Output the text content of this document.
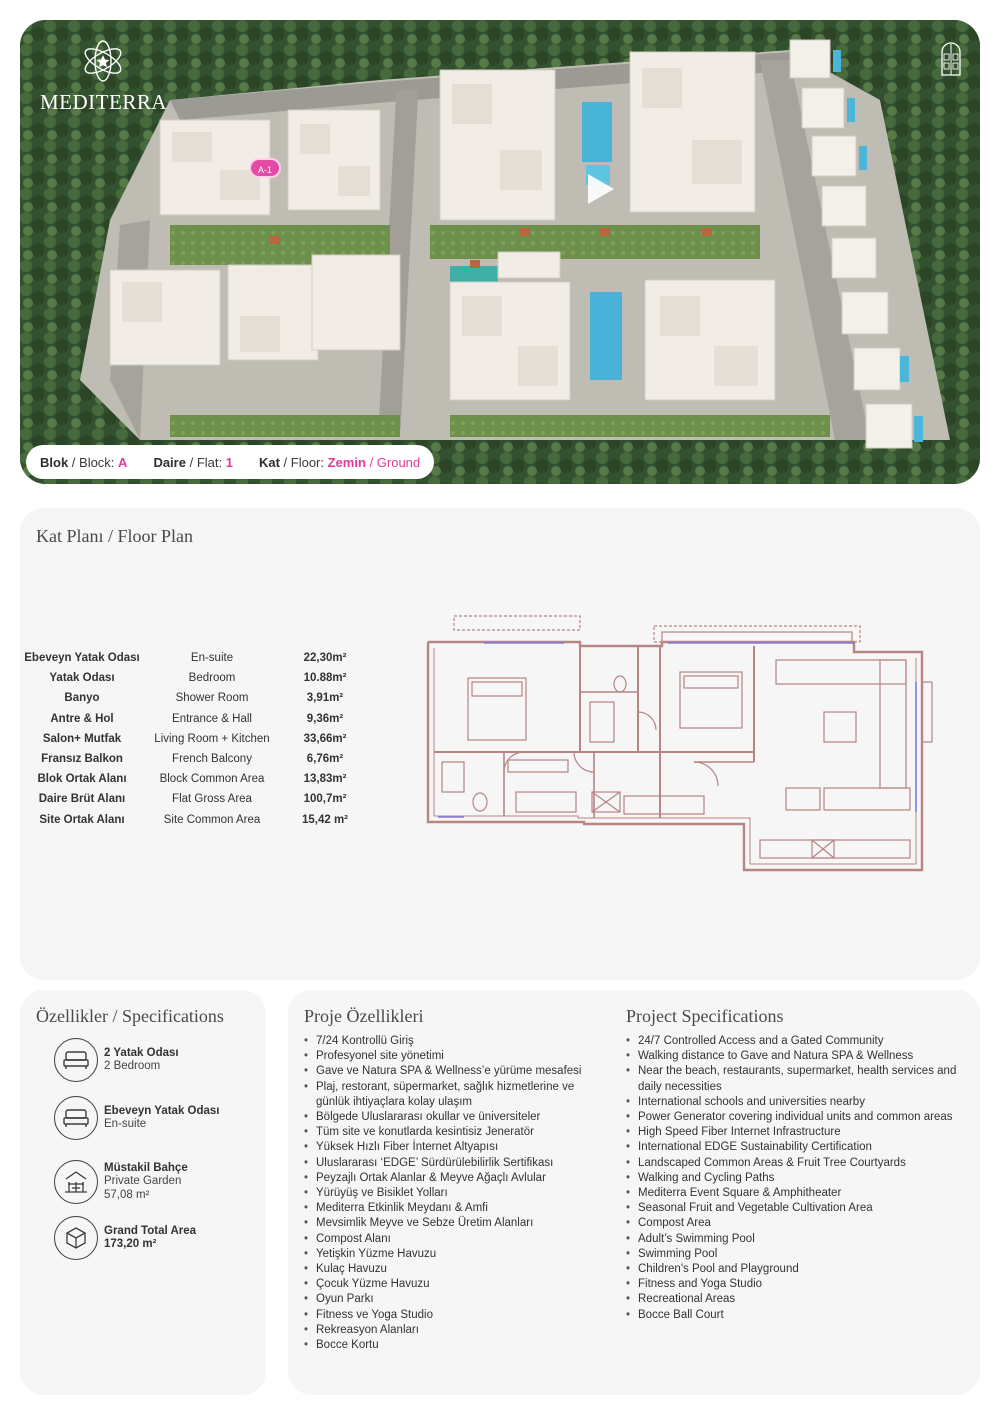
MEDITERRA
A-1
Blok / Block: A Daire / Flat: 1 Kat / Floor: Zemin / Ground
Kat Planı / Floor Plan
Ebeveyn Yatak Odası	En-suite	22,30m²
Yatak Odası	Bedroom	10.88m²
Banyo	Shower Room	3,91m²
Antre & Hol	Entrance & Hall	9,36m²
Salon+ Mutfak	Living Room + Kitchen	33,66m²
Fransız Balkon	French Balcony	6,76m²
Blok Ortak Alanı	Block Common Area	13,83m²
Daire Brüt Alanı	Flat Gross Area	100,7m²
Site Ortak Alanı	Site Common Area	15,42 m²
Özellikler / Specifications
2 Yatak Odası
2 Bedroom
Ebeveyn Yatak Odası
En-suite
Müstakil Bahçe
Private Garden
57,08 m²
Grand Total Area
173,20 m²
Proje Özellikleri
• 7/24 Kontrollü Giriş
• Profesyonel site yönetimi
• Gave ve Natura SPA & Wellness’e yürüme mesafesi
• Plaj, restorant, süpermarket, sağlık hizmetlerine ve günlük ihtiyaçlara kolay ulaşım
• Bölgede Uluslararası okullar ve üniversiteler
• Tüm site ve konutlarda kesintisiz Jeneratör
• Yüksek Hızlı Fiber İnternet Altyapısı
• Uluslararası ‘EDGE’ Sürdürülebilirlik Sertifikası
• Peyzajlı Ortak Alanlar & Meyve Ağaçlı Avlular
• Yürüyüş ve Bisiklet Yolları
• Mediterra Etkinlik Meydanı & Amfi
• Mevsimlik Meyve ve Sebze Üretim Alanları
• Compost Alanı
• Yetişkin Yüzme Havuzu
• Kulaç Havuzu
• Çocuk Yüzme Havuzu
• Oyun Parkı
• Fitness ve Yoga Studio
• Rekreasyon Alanları
• Bocce Kortu
Project Specifications
• 24/7 Controlled Access and a Gated Community
• Walking distance to Gave and Natura SPA & Wellness
• Near the beach, restaurants, supermarket, health services and daily necessities
• International schools and universities nearby
• Power Generator covering individual units and common areas
• High Speed Fiber Internet Infrastructure
• International EDGE Sustainability Certification
• Landscaped Common Areas & Fruit Tree Courtyards
• Walking and Cycling Paths
• Mediterra Event Square & Amphitheater
• Seasonal Fruit and Vegetable Cultivation Area
• Compost Area
• Adult’s Swimming Pool
• Swimming Pool
• Children's Pool and Playground
• Fitness and Yoga Studio
• Recreational Areas
• Bocce Ball Court
